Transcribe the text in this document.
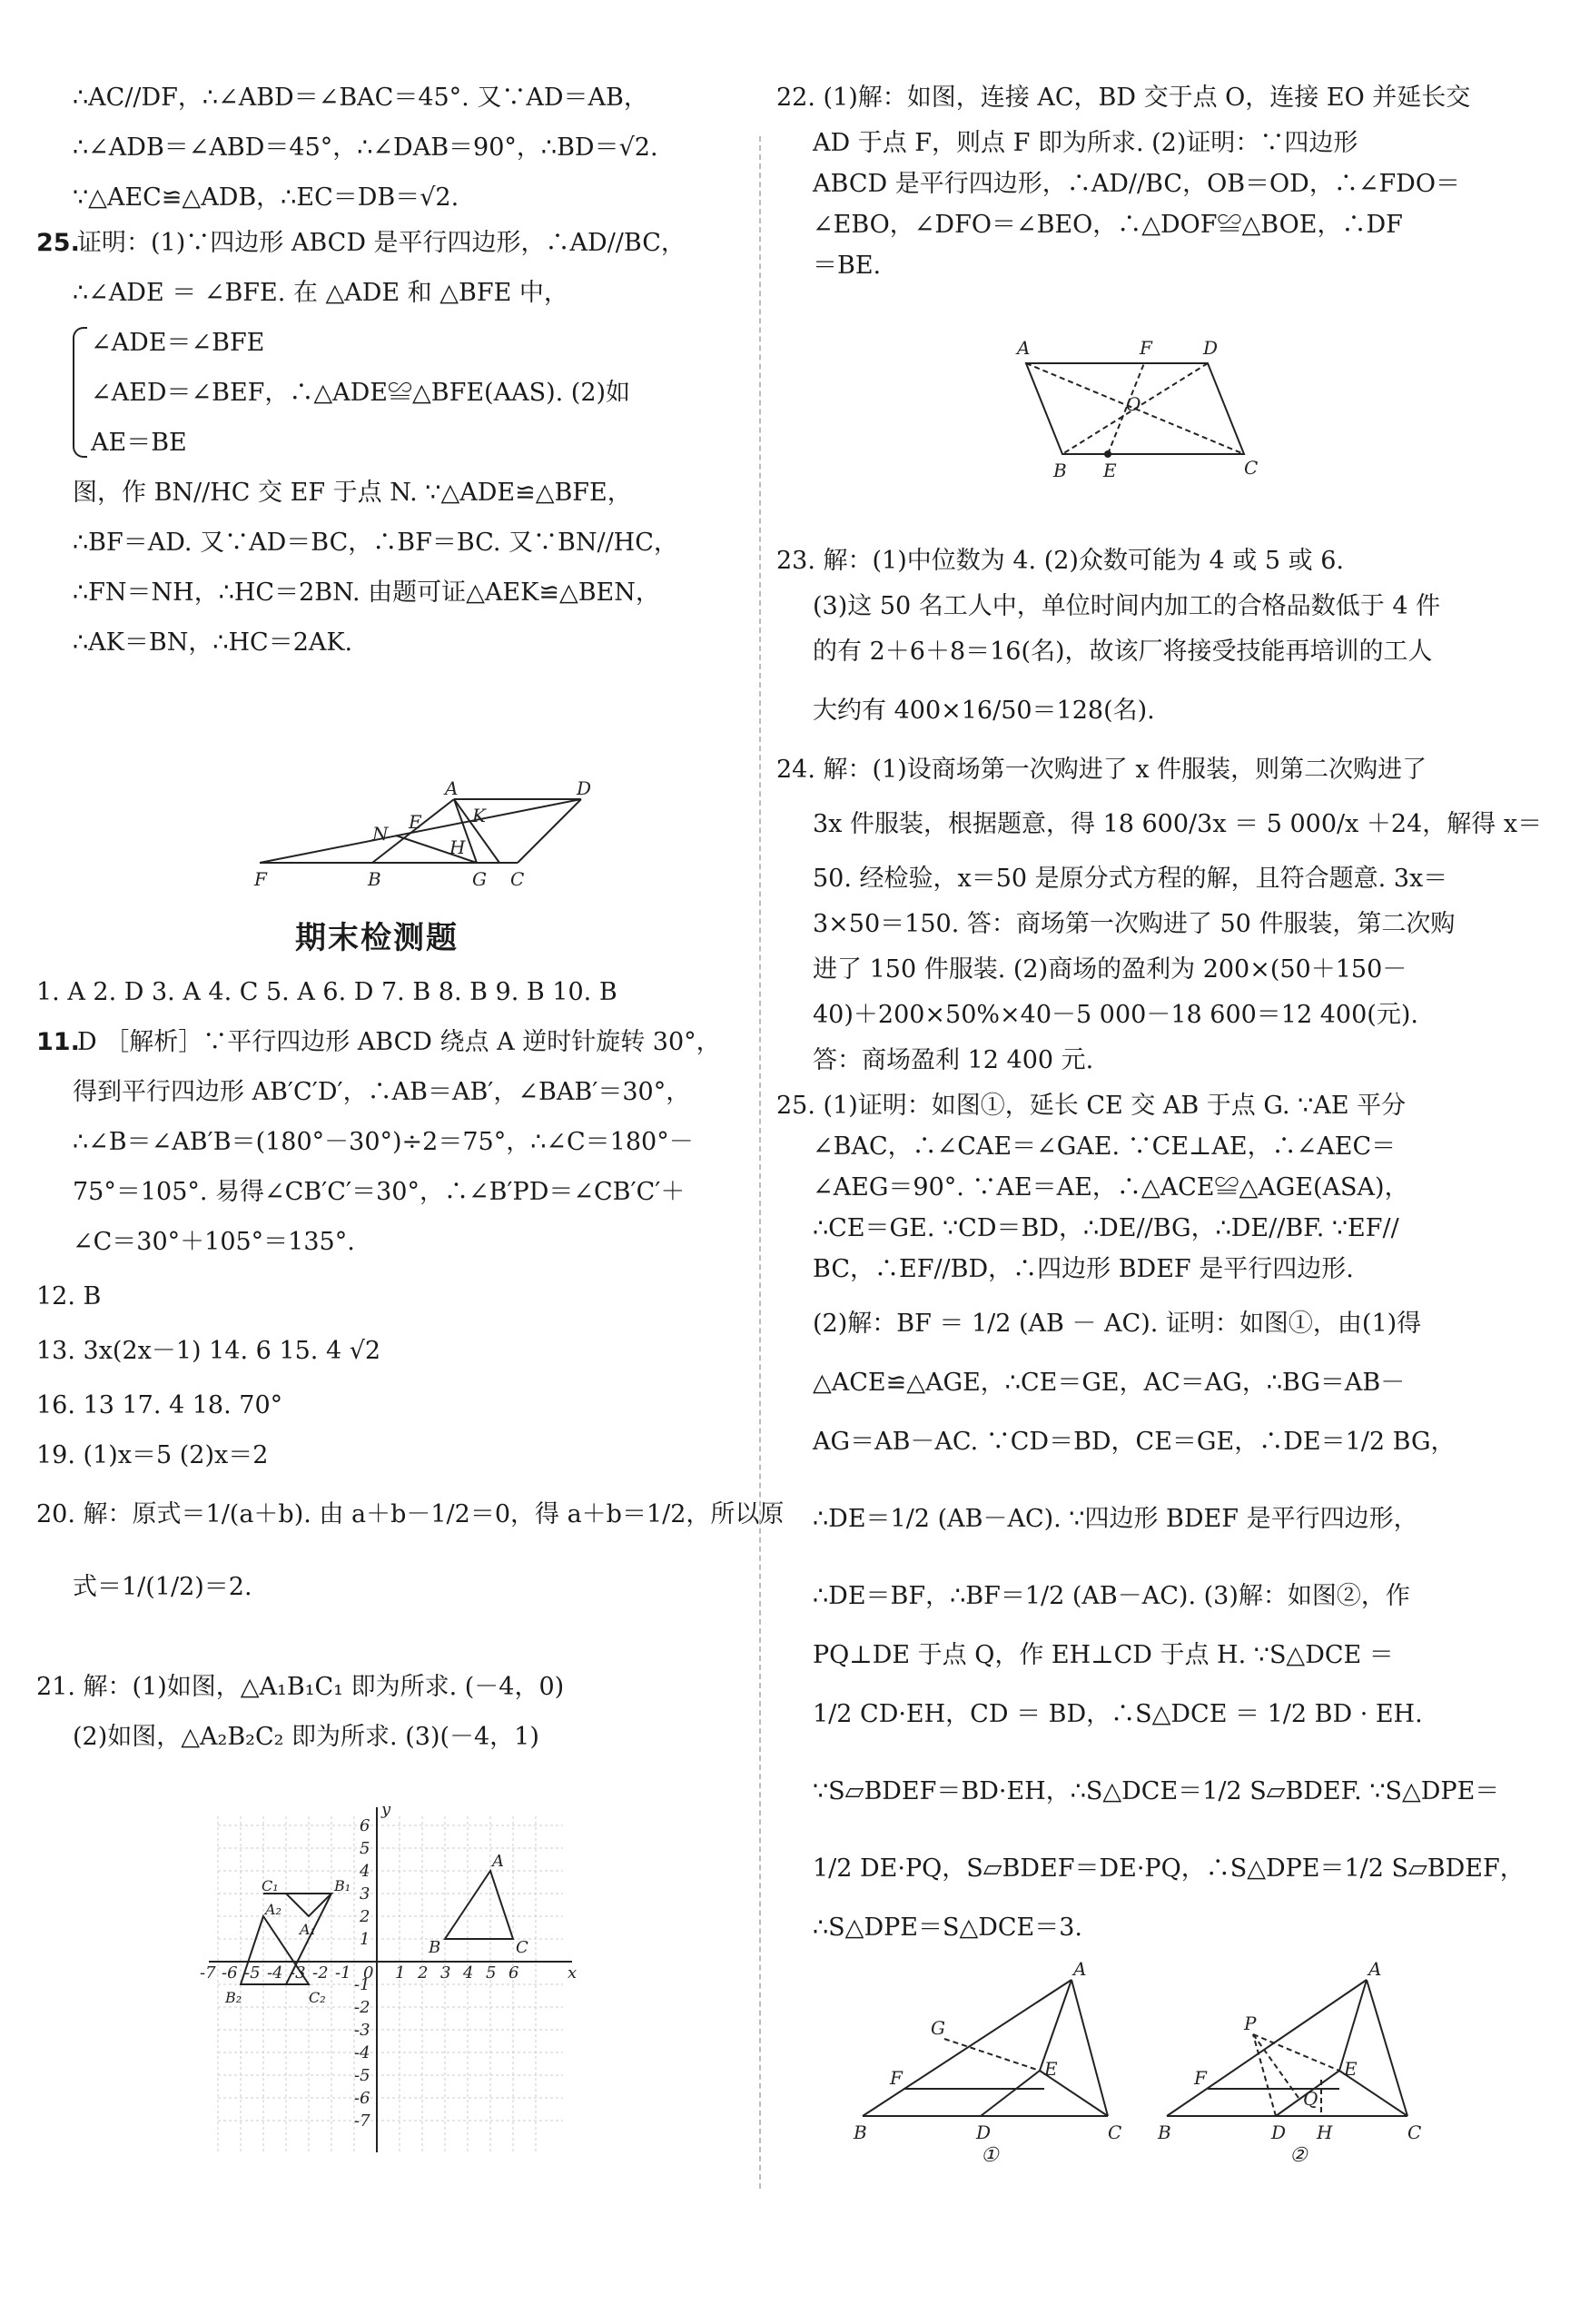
∴AC//DF，∴∠ABD＝∠BAC＝45°. 又∵AD＝AB，
∴∠ADB＝∠ABD＝45°，∴∠DAB＝90°，∴BD＝√2.
∵△AEC≌△ADB，∴EC＝DB＝√2.
25.
证明：(1)∵四边形 ABCD 是平行四边形，∴AD//BC，
∴∠ADE ＝ ∠BFE. 在 △ADE 和 △BFE 中，
∠ADE＝∠BFE
∠AED＝∠BEF，∴△ADE≌△BFE(AAS). (2)如
AE＝BE
图，作 BN//HC 交 EF 于点 N. ∵△ADE≌△BFE，
∴BF＝AD. 又∵AD＝BC，∴BF＝BC. 又∵BN//HC，
∴FN＝NH，∴HC＝2BN. 由题可证△AEK≌△BEN，
∴AK＝BN，∴HC＝2AK.
A	D
K
N
E
H
F	B	G C
期末检测题
1. A 2. D 3. A 4. C 5. A 6. D 7. B 8. B 9. B 10. B
11.
D ［解析］∵平行四边形 ABCD 绕点 A 逆时针旋转 30°，
得到平行四边形 AB′C′D′，∴AB＝AB′，∠BAB′＝30°，
∴∠B＝∠AB′B＝(180°－30°)÷2＝75°，∴∠C＝180°－
75°＝105°. 易得∠CB′C′＝30°，∴∠B′PD＝∠CB′C′＋
∠C＝30°＋105°＝135°.
12. B
13. 3x(2x－1) 14. 6 15. 4 √2
16. 13 17. 4 18. 70°
19. (1)x＝5 (2)x＝2
20. 解：原式＝1/(a＋b). 由 a＋b－1/2＝0，得 a＋b＝1/2，所以原
式＝1/(1/2)＝2.
21. 解：(1)如图，△A₁B₁C₁ 即为所求. (－4，0)
(2)如图，△A₂B₂C₂ 即为所求. (3)(－4，1)
x
y
-7 -6 -5 -4 -3 -2 -1 0 1 2 3 4 5 6
6
5
4
3
2
1
-1
-2
-3
-4
-5
-6
-7
A
B	C
A₁
B₁
C₁
A₂
B₂	C₂
22. (1)解：如图，连接 AC，BD 交于点 O，连接 EO 并延长交
AD 于点 F，则点 F 即为所求. (2)证明：∵四边形
ABCD 是平行四边形，∴AD//BC，OB＝OD，∴∠FDO＝
∠EBO，∠DFO＝∠BEO，∴△DOF≌△BOE，∴DF
＝BE.
A	F	D
O
B E	C
23. 解：(1)中位数为 4. (2)众数可能为 4 或 5 或 6.
(3)这 50 名工人中，单位时间内加工的合格品数低于 4 件
的有 2＋6＋8＝16(名)，故该厂将接受技能再培训的工人
大约有 400×16/50＝128(名).
24. 解：(1)设商场第一次购进了 x 件服装，则第二次购进了
3x 件服装，根据题意，得 18 600/3x ＝ 5 000/x ＋24，解得 x＝
50. 经检验，x＝50 是原分式方程的解，且符合题意. 3x＝
3×50＝150. 答：商场第一次购进了 50 件服装，第二次购
进了 150 件服装. (2)商场的盈利为 200×(50＋150－
40)＋200×50%×40－5 000－18 600＝12 400(元).
答：商场盈利 12 400 元.
25. (1)证明：如图①，延长 CE 交 AB 于点 G. ∵AE 平分
∠BAC，∴∠CAE＝∠GAE. ∵CE⊥AE，∴∠AEC＝
∠AEG＝90°. ∵AE＝AE，∴△ACE≌△AGE(ASA)，
∴CE＝GE. ∵CD＝BD，∴DE//BG，∴DE//BF. ∵EF//
BC，∴EF//BD，∴四边形 BDEF 是平行四边形.
(2)解：BF ＝ 1/2 (AB － AC). 证明：如图①，由(1)得
△ACE≌△AGE，∴CE＝GE，AC＝AG，∴BG＝AB－
AG＝AB－AC. ∵CD＝BD，CE＝GE，∴DE＝1/2 BG，
∴DE＝1/2 (AB－AC). ∵四边形 BDEF 是平行四边形，
∴DE＝BF，∴BF＝1/2 (AB－AC). (3)解：如图②，作
PQ⊥DE 于点 Q，作 EH⊥CD 于点 H. ∵S△DCE ＝
1/2 CD·EH，CD ＝ BD，∴S△DCE ＝ 1/2 BD · EH.
∵S▱BDEF＝BD·EH，∴S△DCE＝1/2 S▱BDEF. ∵S△DPE＝
1/2 DE·PQ，S▱BDEF＝DE·PQ，∴S△DPE＝1/2 S▱BDEF，
∴S△DPE＝S△DCE＝3.
A
G
F	E
B	D	C
①
A
P
F	E
Q
B	D H	C
②
